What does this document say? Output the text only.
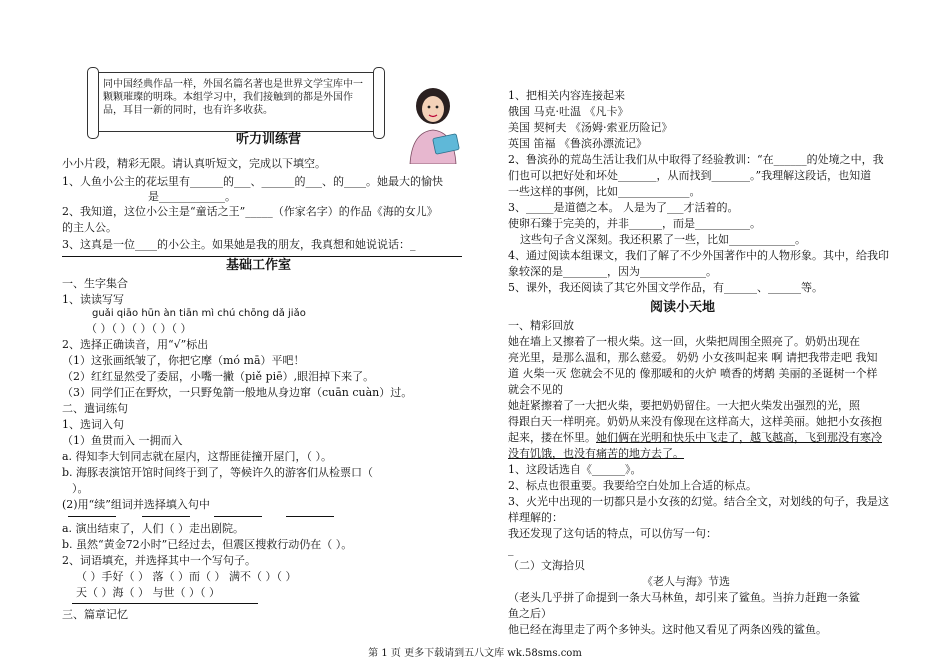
同中国经典作品一样，外国名篇名著也是世界文学宝库中一颗颗璀璨的明珠。本组学习中，我们接触到的都是外国作品，耳目一新的同时，也有许多收获。
听力训练营
小小片段，精彩无限。请认真听短文，完成以下填空。
1、人鱼小公主的花坛里有______的___、______的___、的____。她最大的愉快
是____________。
2、我知道，这位小公主是“童话之王”_____（作家名字）的作品《海的女儿》
的主人公。
3、这真是一位____的小公主。如果她是我的朋友，我真想和她说说话：_
基础工作室
一、生字集合
1、读读写写
guǎi qiāo hūn àn tiān mì chú chōng dǎ jiǎo
（ ）（ ）（ ）（ ）（ ）
2、选择正确读音，用“√”标出
（1）这张画纸皱了，你把它摩（mó mā）平吧！
（2）红红显然受了委屈，小嘴一撇（piě piē）,眼泪掉下来了。
（3）同学们正在野炊，一只野兔箭一般地从身边窜（cuān cuàn）过。
二、遣词练句
1、选词入句
（1）鱼贯而入 一拥而入
a. 得知李大钊同志就在屋内，这帮匪徒撞开屋门，（ ）。
b. 海豚表演馆开馆时间终于到了，等候许久的游客们从检票口（
）。
(2)用“续”组词并选择填入句中
a. 演出结束了，人们（ ）走出剧院。
b. 虽然“黄金72小时”已经过去，但震区搜救行动仍在（ ）。
2、词语填充，并选择其中一个写句子。
（ ）手好（ ） 落（ ）而（ ） 满不（ ）（ ）
天（ ）海（ ） 与世（ ）（ ）
三、篇章记忆
1、把相关内容连接起来
俄国 马克·吐温 《凡卡》
美国 契柯夫 《汤姆·索亚历险记》
英国 笛福 《鲁滨孙漂流记》
2、鲁滨孙的荒岛生活让我们从中取得了经验教训：“在______的处境之中，我
们也可以把好处和坏处_______，从而找到_______。”我理解这段话，也知道
一些这样的事例，比如_____________。
3、_____是道德之本。 人是为了___才活着的。
使卵石臻于完美的，并非______，而是__________。
这些句子含义深刻。我还积累了一些，比如____________。
4、通过阅读本组课文，我们了解了不少外国著作中的人物形象。其中，给我印
象较深的是________，因为____________。
5、课外，我还阅读了其它外国文学作品，有______、______等。
阅读小天地
一、精彩回放
她在墙上又擦着了一根火柴。这一回，火柴把周围全照亮了。奶奶出现在
亮光里，是那么温和，那么慈爱。 奶奶 小女孩叫起来 啊 请把我带走吧 我知
道 火柴一灭 您就会不见的 像那暖和的火炉 喷香的烤鹅 美丽的圣诞树一个样
就会不见的
她赶紧擦着了一大把火柴，要把奶奶留住。一大把火柴发出强烈的光，照
得跟白天一样明亮。奶奶从来没有像现在这样高大，这样美丽。她把小女孩抱
起来，搂在怀里。她们俩在光明和快乐中飞走了，越飞越高，飞到那没有寒冷
没有饥饿，也没有痛苦的地方去了。
1、这段话选自《______》。
2、标点也很重要。我要给空白处加上合适的标点。
3、火光中出现的一切都只是小女孩的幻觉。结合全文，对划线的句子，我是这
样理解的：
我还发现了这句话的特点，可以仿写一句：
_
（二）文海拾贝
《老人与海》节选
（老头几乎拼了命提到一条大马林鱼，却引来了鲨鱼。当拚力赶跑一条鲨
鱼之后）
他已经在海里走了两个多钟头。这时他又看见了两条凶残的鲨鱼。
第 1 页 更多下载请到五八文库 wk.58sms.com
